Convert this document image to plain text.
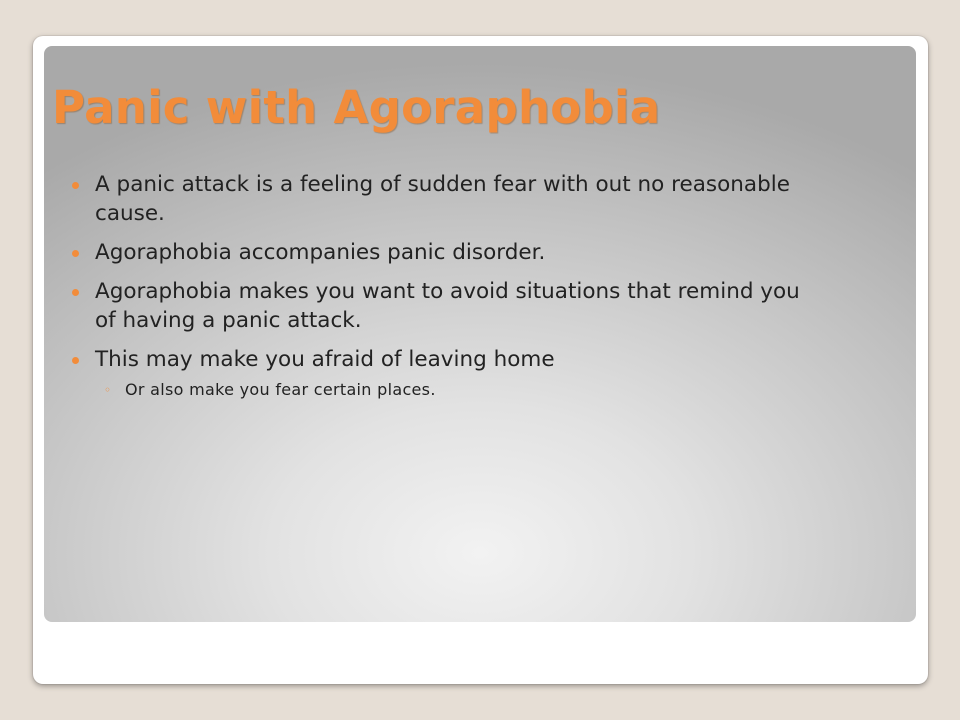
Panic with Agoraphobia
A panic attack is a feeling of sudden fear with out no reasonable cause.
Agoraphobia accompanies panic disorder.
Agoraphobia makes you want to avoid situations that remind you of having a panic attack.
This may make you afraid of leaving home
◦ Or also make you fear certain places.
